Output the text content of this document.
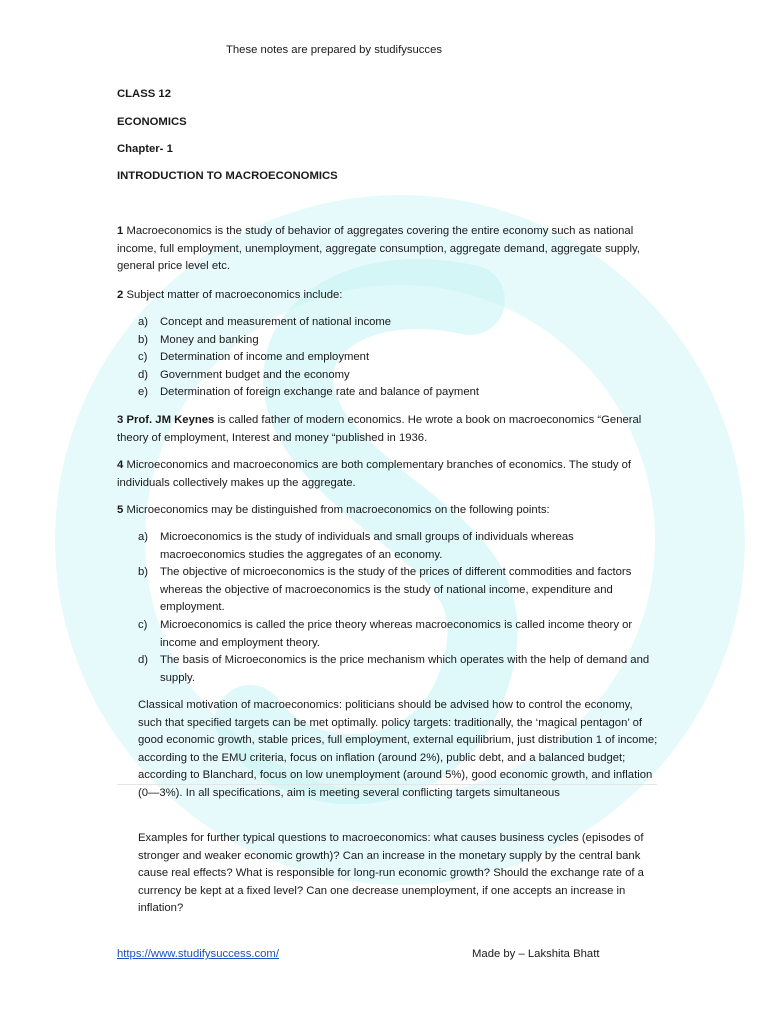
These notes are prepared by studifysucces
CLASS 12
ECONOMICS
Chapter- 1
INTRODUCTION TO MACROECONOMICS
1 Macroeconomics is the study of behavior of aggregates covering the entire economy such as national income, full employment, unemployment, aggregate consumption, aggregate demand, aggregate supply, general price level etc.
2 Subject matter of macroeconomics include:
a) Concept and measurement of national income
b) Money and banking
c) Determination of income and employment
d) Government budget and the economy
e) Determination of foreign exchange rate and balance of payment
3 Prof. JM Keynes is called father of modern economics. He wrote a book on macroeconomics “General theory of employment, Interest and money “published in 1936.
4 Microeconomics and macroeconomics are both complementary branches of economics. The study of individuals collectively makes up the aggregate.
5 Microeconomics may be distinguished from macroeconomics on the following points:
a) Microeconomics is the study of individuals and small groups of individuals whereas macroeconomics studies the aggregates of an economy.
b) The objective of microeconomics is the study of the prices of different commodities and factors whereas the objective of macroeconomics is the study of national income, expenditure and employment.
c) Microeconomics is called the price theory whereas macroeconomics is called income theory or income and employment theory.
d) The basis of Microeconomics is the price mechanism which operates with the help of demand and supply.
Classical motivation of macroeconomics: politicians should be advised how to control the economy, such that specified targets can be met optimally. policy targets: traditionally, the ‘magical pentagon’ of good economic growth, stable prices, full employment, external equilibrium, just distribution 1 of income; according to the EMU criteria, focus on inflation (around 2%), public debt, and a balanced budget; according to Blanchard, focus on low unemployment (around 5%), good economic growth, and inflation (0—3%). In all specifications, aim is meeting several conflicting targets simultaneous
Examples for further typical questions to macroeconomics: what causes business cycles (episodes of stronger and weaker economic growth)? Can an increase in the monetary supply by the central bank cause real effects? What is responsible for long-run economic growth? Should the exchange rate of a currency be kept at a fixed level? Can one decrease unemployment, if one accepts an increase in inflation?
https://www.studifysuccess.com/	Made by – Lakshita Bhatt
